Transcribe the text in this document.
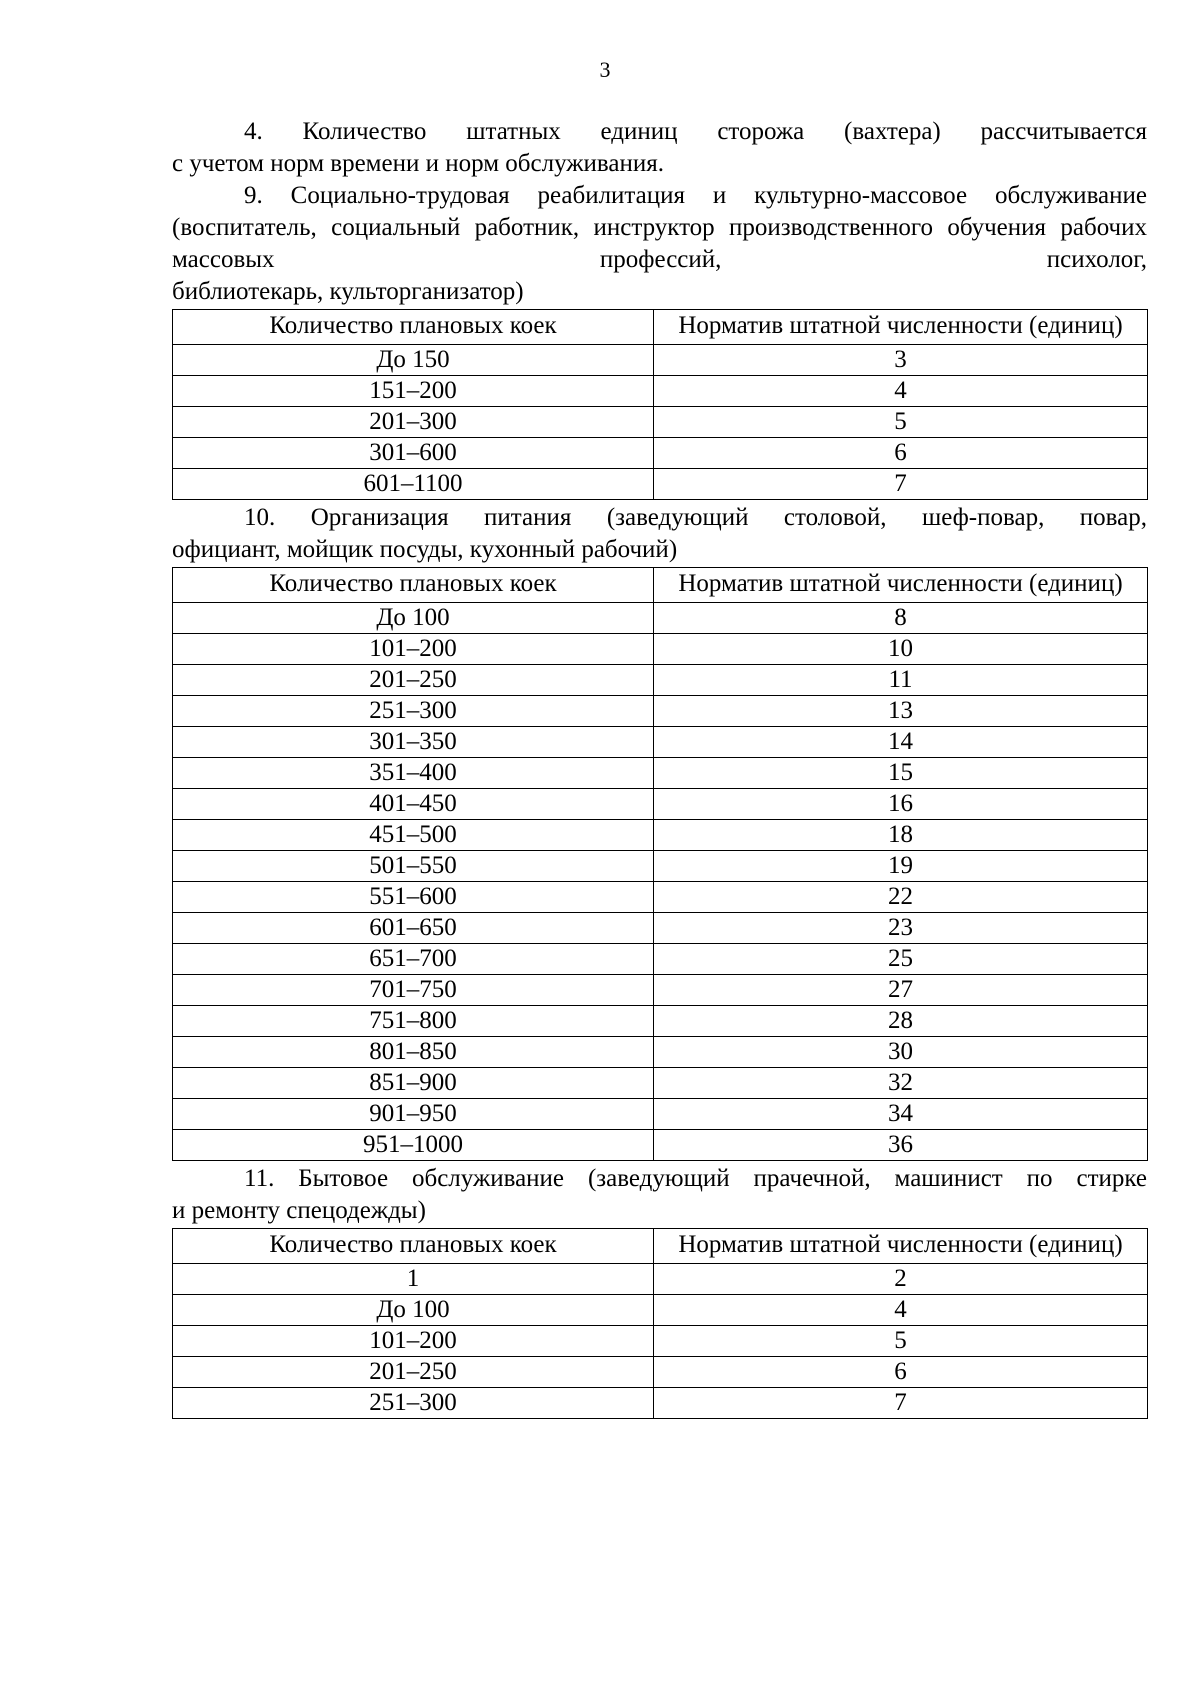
3

4. Количество штатных единиц сторожа (вахтера) рассчитывается

с учетом норм времени и норм обслуживания.

9. Социально-трудовая реабилитация и культурно-массовое обслуживание (воспитатель, социальный работник, инструктор производственного обучения рабочих массовых профессий, психолог,

библиотекарь, культорганизатор)

Количество плановых коек	Норматив штатной численности (единиц)
До 150	3
151–200	4
201–300	5
301–600	6
601–1100	7

10. Организация питания (заведующий столовой, шеф-повар, повар,

официант, мойщик посуды, кухонный рабочий)

Количество плановых коек	Норматив штатной численности (единиц)
До 100	8
101–200	10
201–250	11
251–300	13
301–350	14
351–400	15
401–450	16
451–500	18
501–550	19
551–600	22
601–650	23
651–700	25
701–750	27
751–800	28
801–850	30
851–900	32
901–950	34
951–1000	36

11. Бытовое обслуживание (заведующий прачечной, машинист по стирке

и ремонту спецодежды)

Количество плановых коек	Норматив штатной численности (единиц)
1	2
До 100	4
101–200	5
201–250	6
251–300	7
